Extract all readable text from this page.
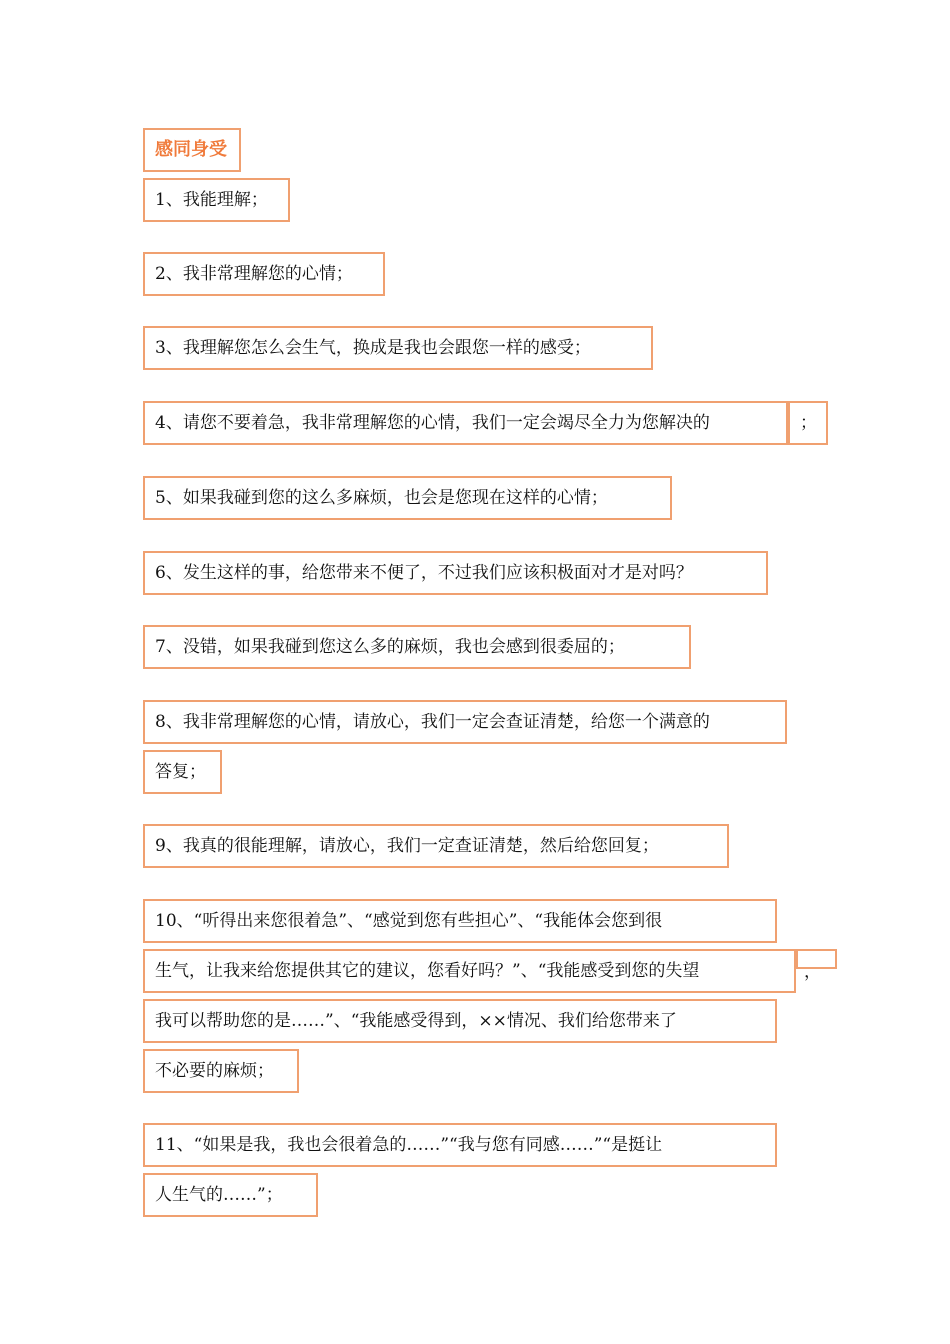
感同身受
1、我能理解；
2、我非常理解您的心情；
3、我理解您怎么会生气，换成是我也会跟您一样的感受；
4、请您不要着急，我非常理解您的心情，我们一定会竭尽全力为您解决的	；
5、如果我碰到您的这么多麻烦，也会是您现在这样的心情；
6、发生这样的事，给您带来不便了，不过我们应该积极面对才是对吗？
7、没错，如果我碰到您这么多的麻烦，我也会感到很委屈的；
8、我非常理解您的心情，请放心，我们一定会查证清楚，给您一个满意的
答复；
9、我真的很能理解，请放心，我们一定查证清楚，然后给您回复；
10、“听得出来您很着急”、“感觉到您有些担心”、“我能体会您到很
生气，让我来给您提供其它的建议，您看好吗？”、“我能感受到您的失望	，
我可以帮助您的是……”、“我能感受得到，××情况、我们给您带来了
不必要的麻烦；
11、“如果是我，我也会很着急的……”“我与您有同感……”“是挺让
人生气的……”；
